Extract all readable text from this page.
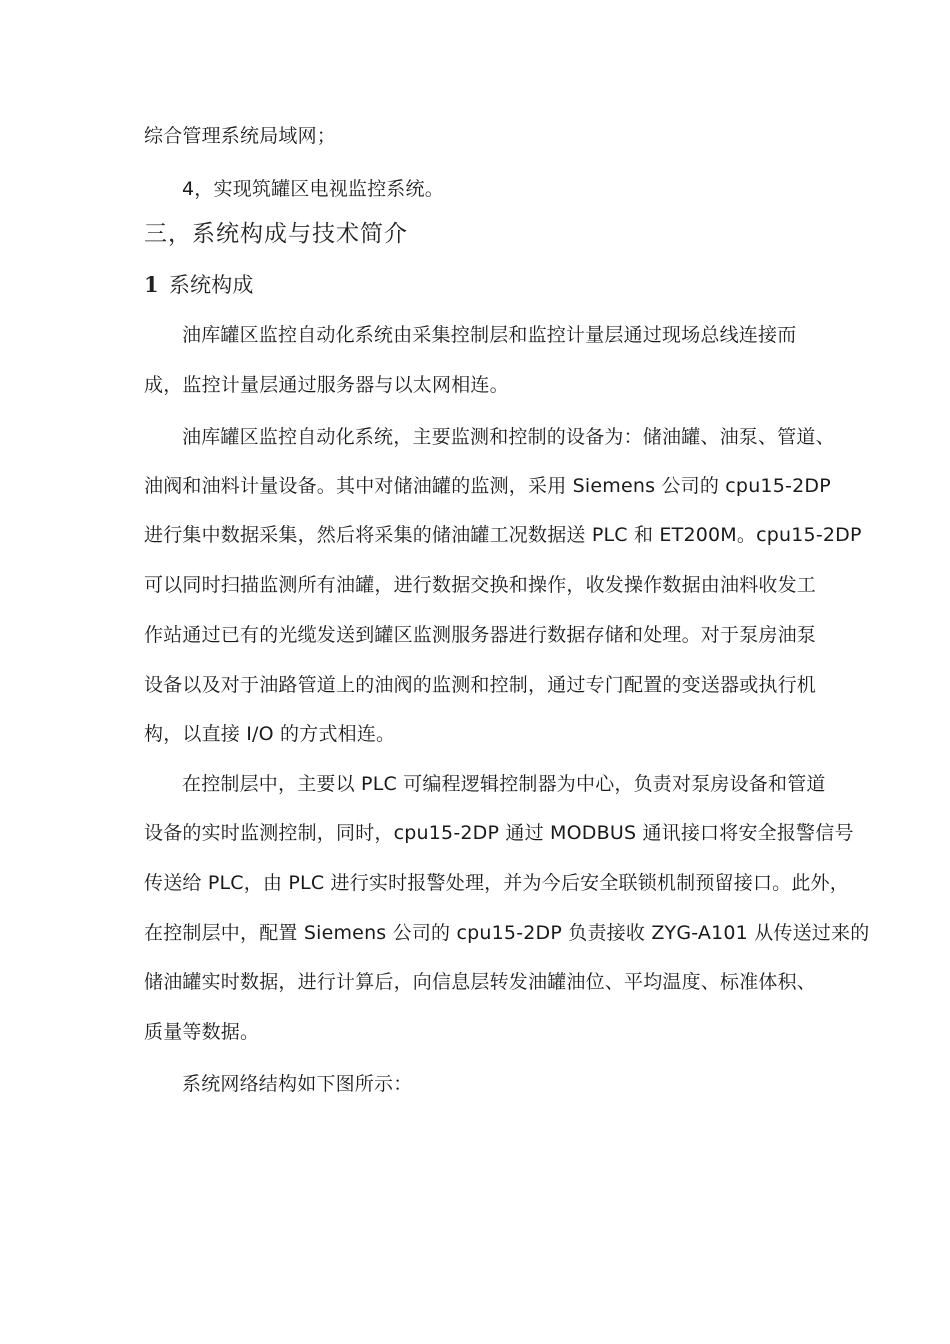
综合管理系统局域网；
4，实现筑罐区电视监控系统。
三，系统构成与技术简介
1 系统构成
油库罐区监控自动化系统由采集控制层和监控计量层通过现场总线连接而
成，监控计量层通过服务器与以太网相连。
油库罐区监控自动化系统，主要监测和控制的设备为：储油罐、油泵、管道、
油阀和油料计量设备。其中对储油罐的监测，采用 Siemens 公司的 cpu15-2DP
进行集中数据采集，然后将采集的储油罐工况数据送 PLC 和 ET200M。cpu15-2DP
可以同时扫描监测所有油罐，进行数据交换和操作，收发操作数据由油料收发工
作站通过已有的光缆发送到罐区监测服务器进行数据存储和处理。对于泵房油泵
设备以及对于油路管道上的油阀的监测和控制，通过专门配置的变送器或执行机
构，以直接 I/O 的方式相连。
在控制层中，主要以 PLC 可编程逻辑控制器为中心，负责对泵房设备和管道
设备的实时监测控制，同时，cpu15-2DP 通过 MODBUS 通讯接口将安全报警信号
传送给 PLC，由 PLC 进行实时报警处理，并为今后安全联锁机制预留接口。此外，
在控制层中，配置 Siemens 公司的 cpu15-2DP 负责接收 ZYG-A101 从传送过来的
储油罐实时数据，进行计算后，向信息层转发油罐油位、平均温度、标准体积、
质量等数据。
系统网络结构如下图所示：
